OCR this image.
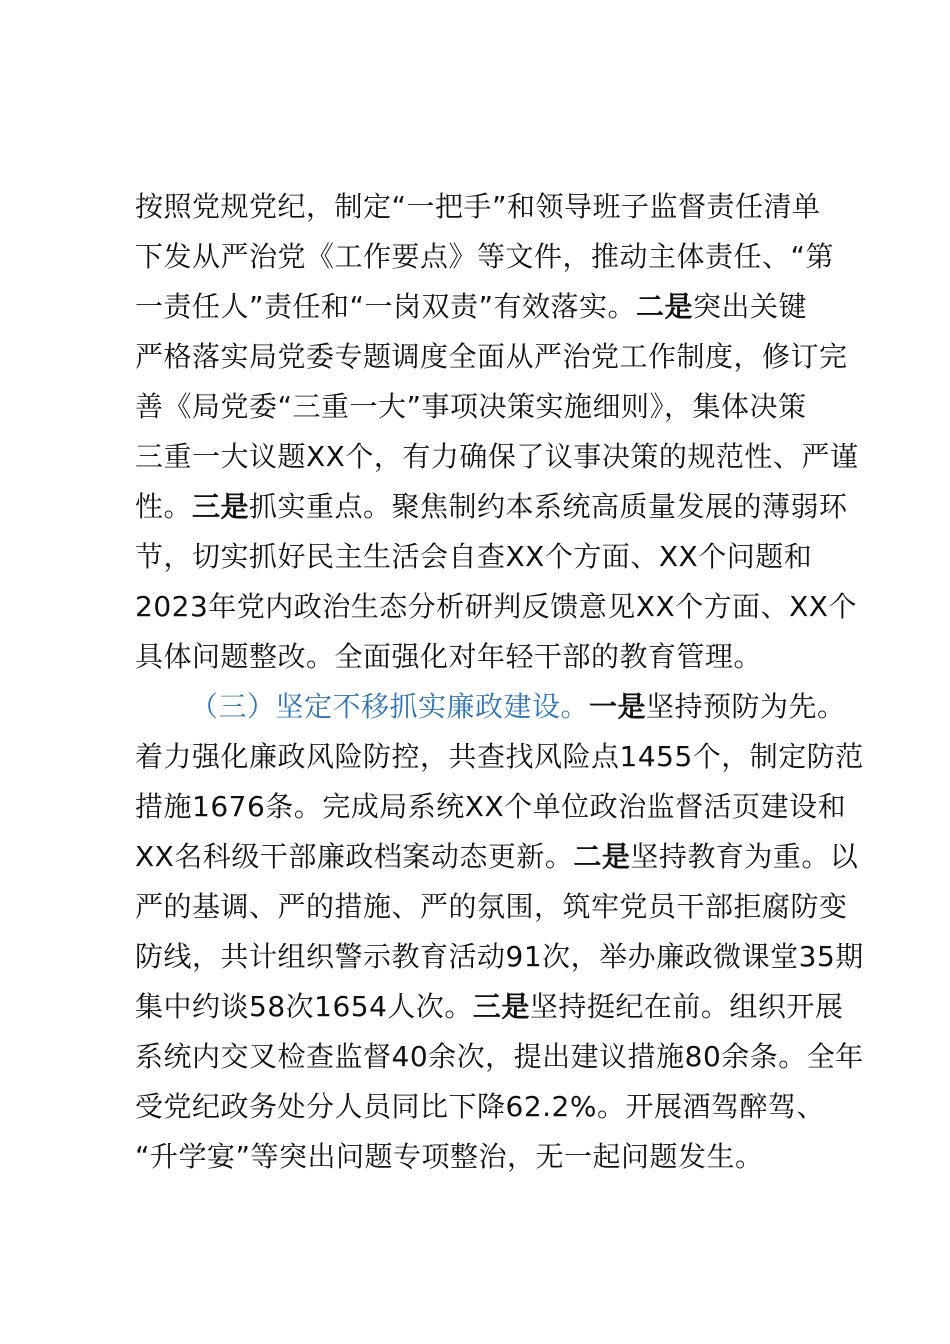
按照党规党纪，制定“一把手”和领导班子监督责任清单
下发从严治党《工作要点》等文件，推动主体责任、“第
一责任人”责任和“一岗双责”有效落实。二是突出关键
严格落实局党委专题调度全面从严治党工作制度，修订完
善《局党委“三重一大”事项决策实施细则》，集体决策
三重一大议题XX个，有力确保了议事决策的规范性、严谨
性。三是抓实重点。聚焦制约本系统高质量发展的薄弱环
节，切实抓好民主生活会自查XX个方面、XX个问题和
2023年党内政治生态分析研判反馈意见XX个方面、XX个
具体问题整改。全面强化对年轻干部的教育管理。
（三）坚定不移抓实廉政建设。一是坚持预防为先。
着力强化廉政风险防控，共查找风险点1455个，制定防范
措施1676条。完成局系统XX个单位政治监督活页建设和
XX名科级干部廉政档案动态更新。二是坚持教育为重。以
严的基调、严的措施、严的氛围，筑牢党员干部拒腐防变
防线，共计组织警示教育活动91次，举办廉政微课堂35期
集中约谈58次1654人次。三是坚持挺纪在前。组织开展
系统内交叉检查监督40余次，提出建议措施80余条。全年
受党纪政务处分人员同比下降62.2%。开展酒驾醉驾、
“升学宴”等突出问题专项整治，无一起问题发生。
